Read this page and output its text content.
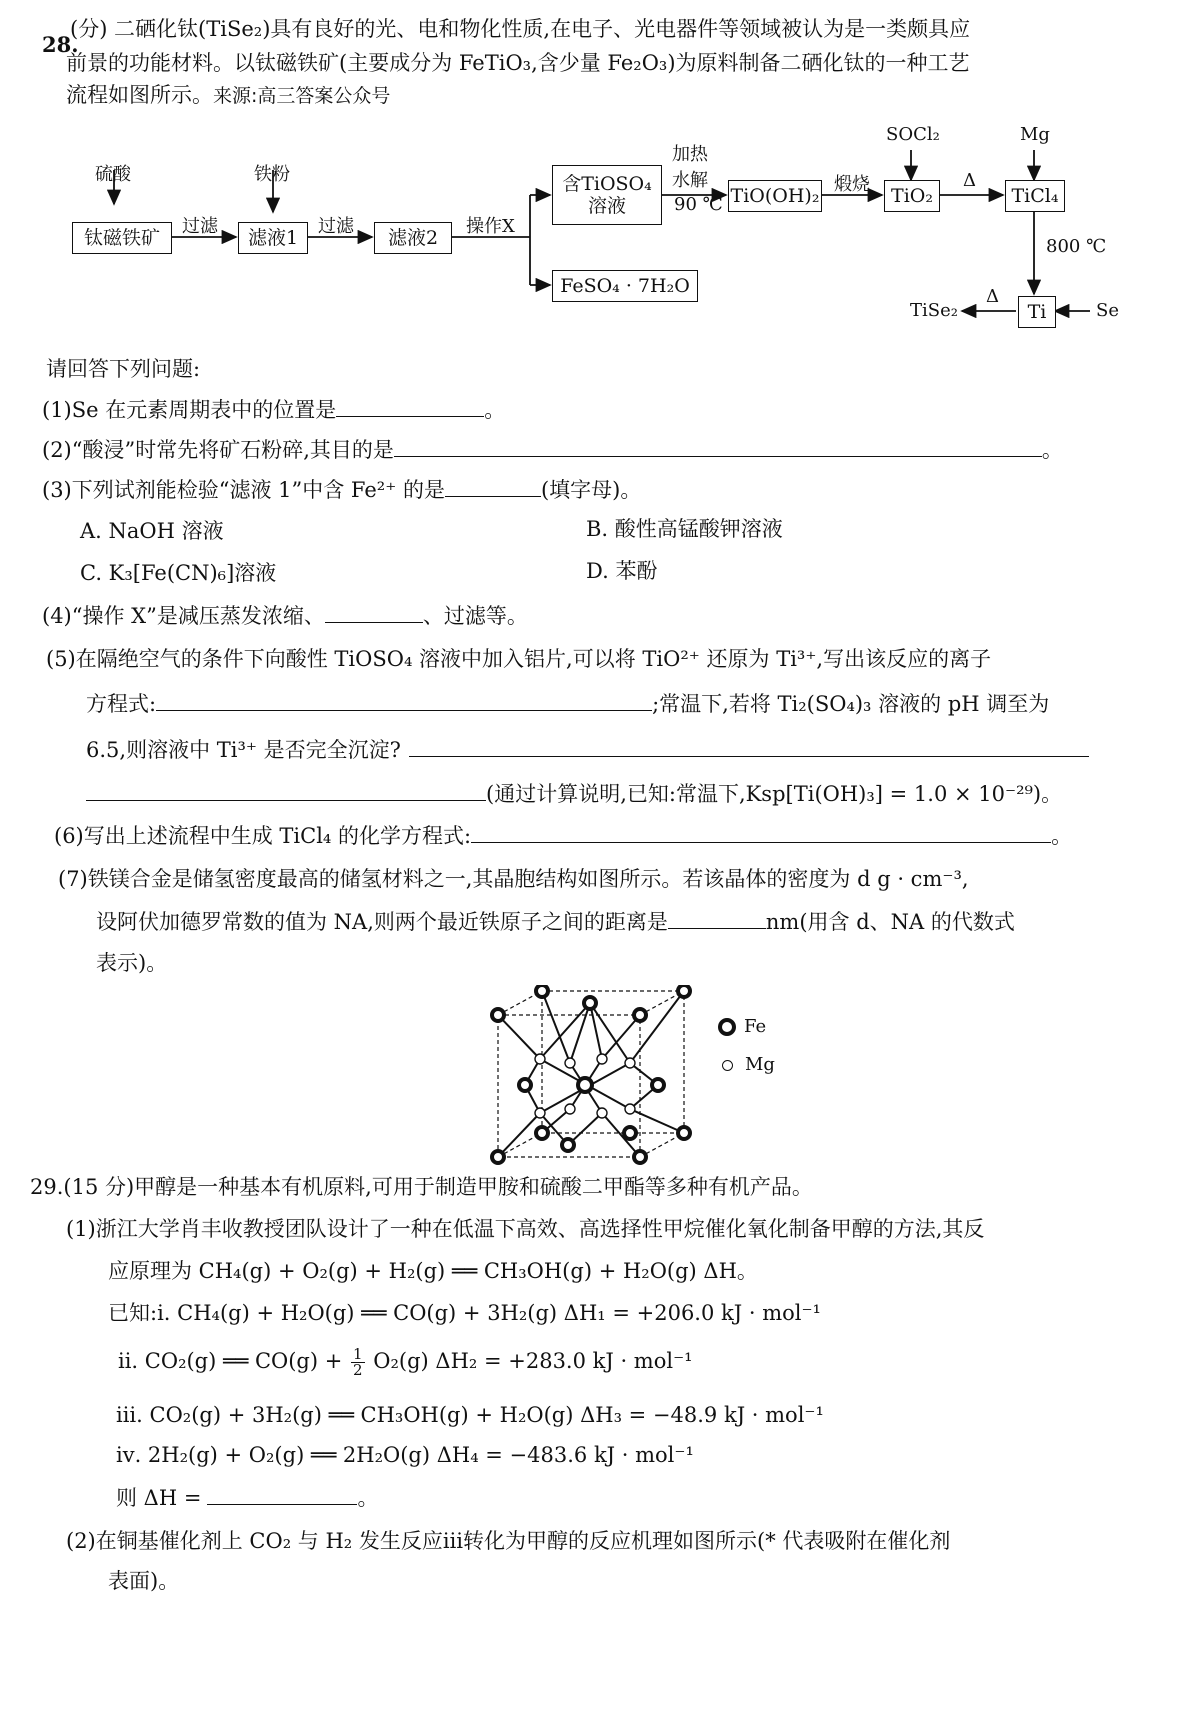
28.
(分) 二硒化钛(TiSe₂)具有良好的光、电和物化性质,在电子、光电器件等领域被认为是一类颇具应
前景的功能材料。以钛磁铁矿(主要成分为 FeTiO₃,含少量 Fe₂O₃)为原料制备二硒化钛的一种工艺
流程如图所示。来源:高三答案公众号
硫酸	铁粉
钛磁铁矿
过滤
滤液1
过滤
滤液2
操作X
含TiOSO₄
溶液
FeSO₄ · 7H₂O
加热
水解
90 ℃ TiO(OH)₂
煅烧
SOCl₂
TiO₂
Δ
Mg
TiCl₄
800 ℃
Ti	Se
Δ
TiSe₂
请回答下列问题:
(1)Se 在元素周期表中的位置是	。
(2)“酸浸”时常先将矿石粉碎,其目的是	。
(3)下列试剂能检验“滤液 1”中含 Fe²⁺ 的是	(填字母)。
A. NaOH 溶液	B. 酸性高锰酸钾溶液
C. K₃[Fe(CN)₆]溶液	D. 苯酚
(4)“操作 X”是减压蒸发浓缩、	、过滤等。
(5)在隔绝空气的条件下向酸性 TiOSO₄ 溶液中加入铝片,可以将 TiO²⁺ 还原为 Ti³⁺,写出该反应的离子
方程式:	;常温下,若将 Ti₂(SO₄)₃ 溶液的 pH 调至为
6.5,则溶液中 Ti³⁺ 是否完全沉淀?
(通过计算说明,已知:常温下,Ksp[Ti(OH)₃] = 1.0 × 10⁻²⁹)。
(6)写出上述流程中生成 TiCl₄ 的化学方程式:	。
(7)铁镁合金是储氢密度最高的储氢材料之一,其晶胞结构如图所示。若该晶体的密度为 d g · cm⁻³,
设阿伏加德罗常数的值为 NA,则两个最近铁原子之间的距离是	nm(用含 d、NA 的代数式
表示)。
Fe
Mg
29.(15 分)甲醇是一种基本有机原料,可用于制造甲胺和硫酸二甲酯等多种有机产品。
(1)浙江大学肖丰收教授团队设计了一种在低温下高效、高选择性甲烷催化氧化制备甲醇的方法,其反
应原理为 CH₄(g) + O₂(g) + H₂(g) ══ CH₃OH(g) + H₂O(g) ΔH。
已知:ⅰ. CH₄(g) + H₂O(g) ══ CO(g) + 3H₂(g) ΔH₁ = +206.0 kJ · mol⁻¹
ⅱ. CO₂(g) ══ $CO(g) + \frac{1}{2} O_2(g) \Delta H_2 = +283.0$ kJ · mol⁻¹
ⅲ. CO₂(g) + 3H₂(g) ══ CH₃OH(g) + H₂O(g) ΔH₃ = −48.9 kJ · mol⁻¹
ⅳ. 2H₂(g) + O₂(g) ══ 2H₂O(g) ΔH₄ = −483.6 kJ · mol⁻¹
则 ΔH =	。
(2)在铜基催化剂上 CO₂ 与 H₂ 发生反应ⅲ转化为甲醇的反应机理如图所示(* 代表吸附在催化剂
表面)。
